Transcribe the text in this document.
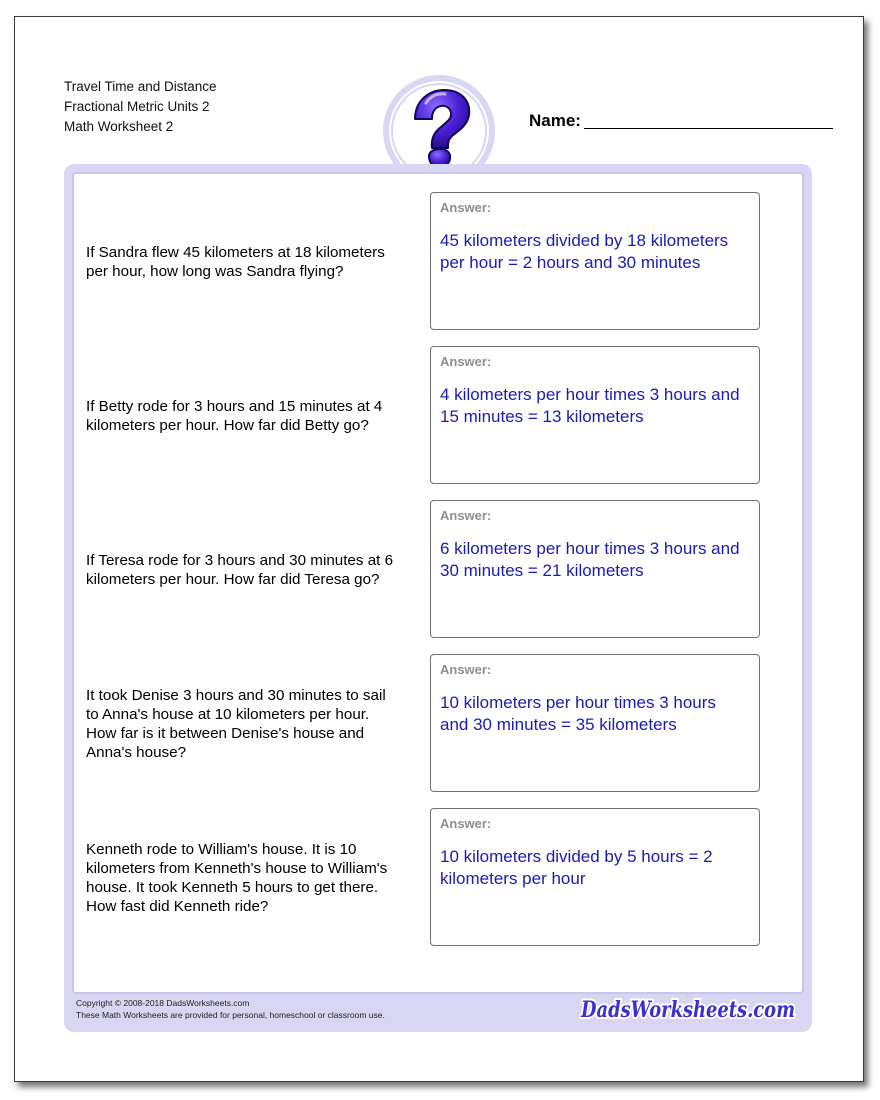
Travel Time and Distance
Fractional Metric Units 2
Math Worksheet 2	Name:
If Sandra flew 45 kilometers at 18 kilometers per hour, how long was Sandra flying?
Answer:
45 kilometers divided by 18 kilometers per hour = 2 hours and 30 minutes
If Betty rode for 3 hours and 15 minutes at 4 kilometers per hour. How far did Betty go?
Answer:
4 kilometers per hour times 3 hours and 15 minutes = 13 kilometers
If Teresa rode for 3 hours and 30 minutes at 6 kilometers per hour. How far did Teresa go?
Answer:
6 kilometers per hour times 3 hours and 30 minutes = 21 kilometers
It took Denise 3 hours and 30 minutes to sail to Anna's house at 10 kilometers per hour. How far is it between Denise's house and Anna's house?
Answer:
10 kilometers per hour times 3 hours and 30 minutes = 35 kilometers
Kenneth rode to William's house. It is 10 kilometers from Kenneth's house to William's house. It took Kenneth 5 hours to get there. How fast did Kenneth ride?
Answer:
10 kilometers divided by 5 hours = 2 kilometers per hour
Copyright © 2008-2018 DadsWorksheets.com
These Math Worksheets are provided for personal, homeschool or classroom use.	DadsWorksheets.com
